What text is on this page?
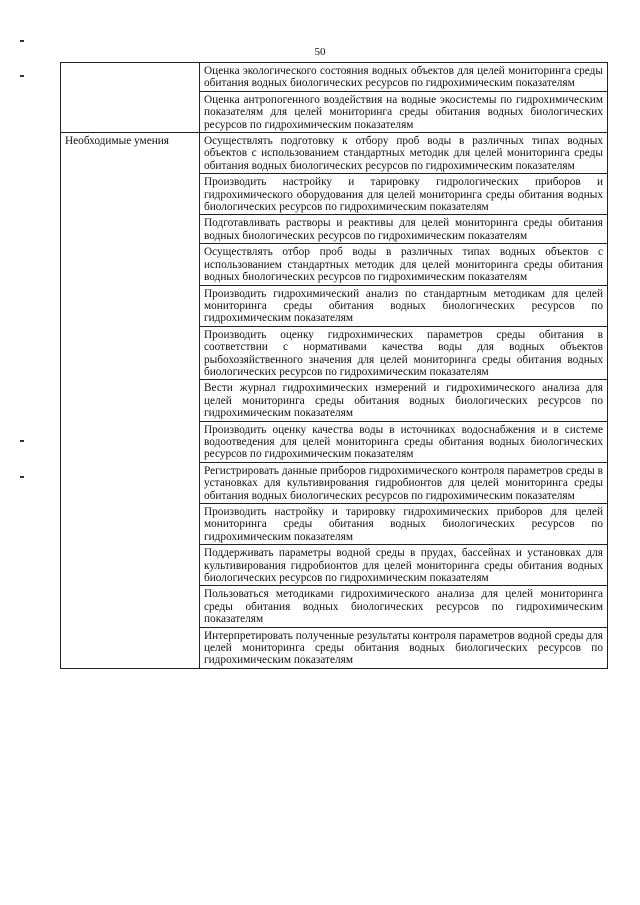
50
	Оценка экологического состояния водных объектов для целей мониторинга среды обитания водных биологических ресурсов по гидрохимическим показателям
	Оценка антропогенного воздействия на водные экосистемы по гидрохимическим показателям для целей мониторинга среды обитания водных биологических ресурсов по гидрохимическим показателям
Необходимые умения	Осуществлять подготовку к отбору проб воды в различных типах водных объектов с использованием стандартных методик для целей мониторинга среды обитания водных биологических ресурсов по гидрохимическим показателям
	Производить настройку и тарировку гидрологических приборов и гидрохимического оборудования для целей мониторинга среды обитания водных биологических ресурсов по гидрохимическим показателям
	Подготавливать растворы и реактивы для целей мониторинга среды обитания водных биологических ресурсов по гидрохимическим показателям
	Осуществлять отбор проб воды в различных типах водных объектов с использованием стандартных методик для целей мониторинга среды обитания водных биологических ресурсов по гидрохимическим показателям
	Производить гидрохимический анализ по стандартным методикам для целей мониторинга среды обитания водных биологических ресурсов по гидрохимическим показателям
	Производить оценку гидрохимических параметров среды обитания в соответствии с нормативами качества воды для водных объектов рыбохозяйственного значения для целей мониторинга среды обитания водных биологических ресурсов по гидрохимическим показателям
	Вести журнал гидрохимических измерений и гидрохимического анализа для целей мониторинга среды обитания водных биологических ресурсов по гидрохимическим показателям
	Производить оценку качества воды в источниках водоснабжения и в системе водоотведения для целей мониторинга среды обитания водных биологических ресурсов по гидрохимическим показателям
	Регистрировать данные приборов гидрохимического контроля параметров среды в установках для культивирования гидробионтов для целей мониторинга среды обитания водных биологических ресурсов по гидрохимическим показателям
	Производить настройку и тарировку гидрохимических приборов для целей мониторинга среды обитания водных биологических ресурсов по гидрохимическим показателям
	Поддерживать параметры водной среды в прудах, бассейнах и установках для культивирования гидробионтов для целей мониторинга среды обитания водных биологических ресурсов по гидрохимическим показателям
	Пользоваться методиками гидрохимического анализа для целей мониторинга среды обитания водных биологических ресурсов по гидрохимическим показателям
	Интерпретировать полученные результаты контроля параметров водной среды для целей мониторинга среды обитания водных биологических ресурсов по гидрохимическим показателям
